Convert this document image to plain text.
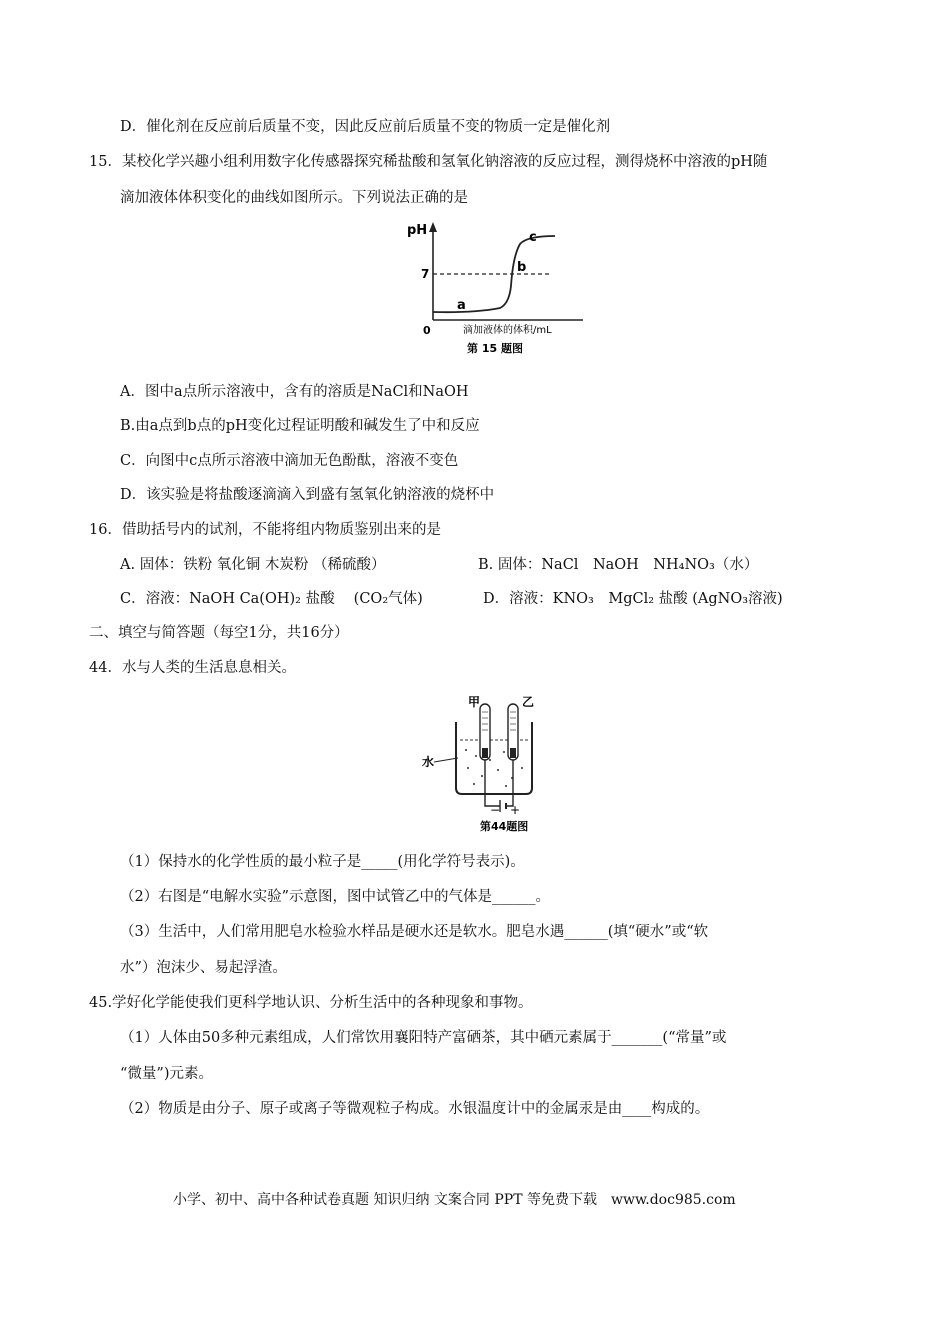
D．催化剂在反应前后质量不变，因此反应前后质量不变的物质一定是催化剂
15．某校化学兴趣小组利用数字化传感器探究稀盐酸和氢氧化钠溶液的反应过程，测得烧杯中溶液的pH随
滴加液体体积变化的曲线如图所示。下列说法正确的是
pH
7
0
a
b
c
滴加液体的体积/mL
第 15 题图
A．图中a点所示溶液中，含有的溶质是NaCl和NaOH
B.由a点到b点的pH变化过程证明酸和碱发生了中和反应
C．向图中c点所示溶液中滴加无色酚酞，溶液不变色
D．该实验是将盐酸逐滴滴入到盛有氢氧化钠溶液的烧杯中
16．借助括号内的试剂，不能将组内物质鉴别出来的是
A. 固体：铁粉 氧化铜 木炭粉 （稀硫酸）	B. 固体：NaCl　NaOH　NH₄NO₃（水）
C．溶液：NaOH Ca(OH)₂ 盐酸 　(CO₂气体)	D．溶液：KNO₃　MgCl₂ 盐酸 (AgNO₃溶液)
二、填空与简答题（每空1分，共16分）
44．水与人类的生活息息相关。
甲	乙
水
− +
第44题图
（1）保持水的化学性质的最小粒子是_____(用化学符号表示)。
（2）右图是“电解水实验”示意图，图中试管乙中的气体是______。
（3）生活中，人们常用肥皂水检验水样品是硬水还是软水。肥皂水遇______(填“硬水”或“软
水”）泡沫少、易起浮渣。
45.学好化学能使我们更科学地认识、分析生活中的各种现象和事物。
（1）人体由50多种元素组成，人们常饮用襄阳特产富硒茶，其中硒元素属于_______(“常量”或
“微量”)元素。
（2）物质是由分子、原子或离子等微观粒子构成。水银温度计中的金属汞是由____构成的。
小学、初中、高中各种试卷真题 知识归纳 文案合同 PPT 等免费下载　www.doc985.com
